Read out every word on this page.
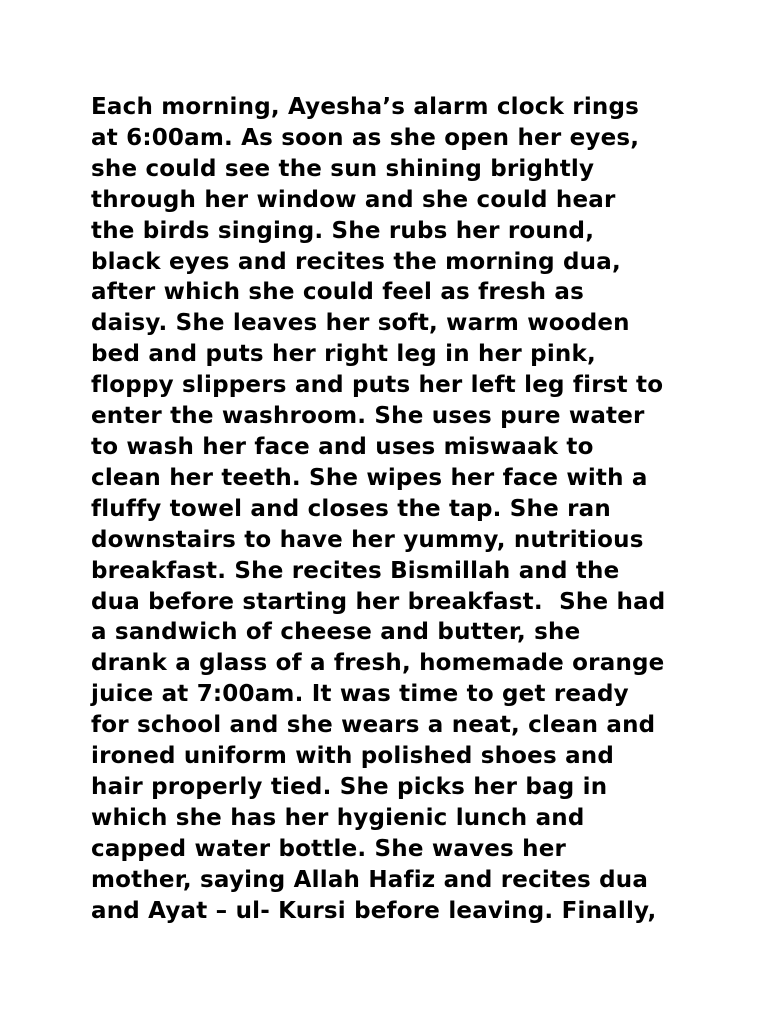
Each morning, Ayesha’s alarm clock rings
at 6:00am. As soon as she open her eyes,
she could see the sun shining brightly
through her window and she could hear
the birds singing. She rubs her round,
black eyes and recites the morning dua,
after which she could feel as fresh as
daisy. She leaves her soft, warm wooden
bed and puts her right leg in her pink,
floppy slippers and puts her left leg first to
enter the washroom. She uses pure water
to wash her face and uses miswaak to
clean her teeth. She wipes her face with a
fluffy towel and closes the tap. She ran
downstairs to have her yummy, nutritious
breakfast. She recites Bismillah and the
dua before starting her breakfast.  She had
a sandwich of cheese and butter, she
drank a glass of a fresh, homemade orange
juice at 7:00am. It was time to get ready
for school and she wears a neat, clean and
ironed uniform with polished shoes and
hair properly tied. She picks her bag in
which she has her hygienic lunch and
capped water bottle. She waves her
mother, saying Allah Hafiz and recites dua
and Ayat – ul- Kursi before leaving. Finally,
